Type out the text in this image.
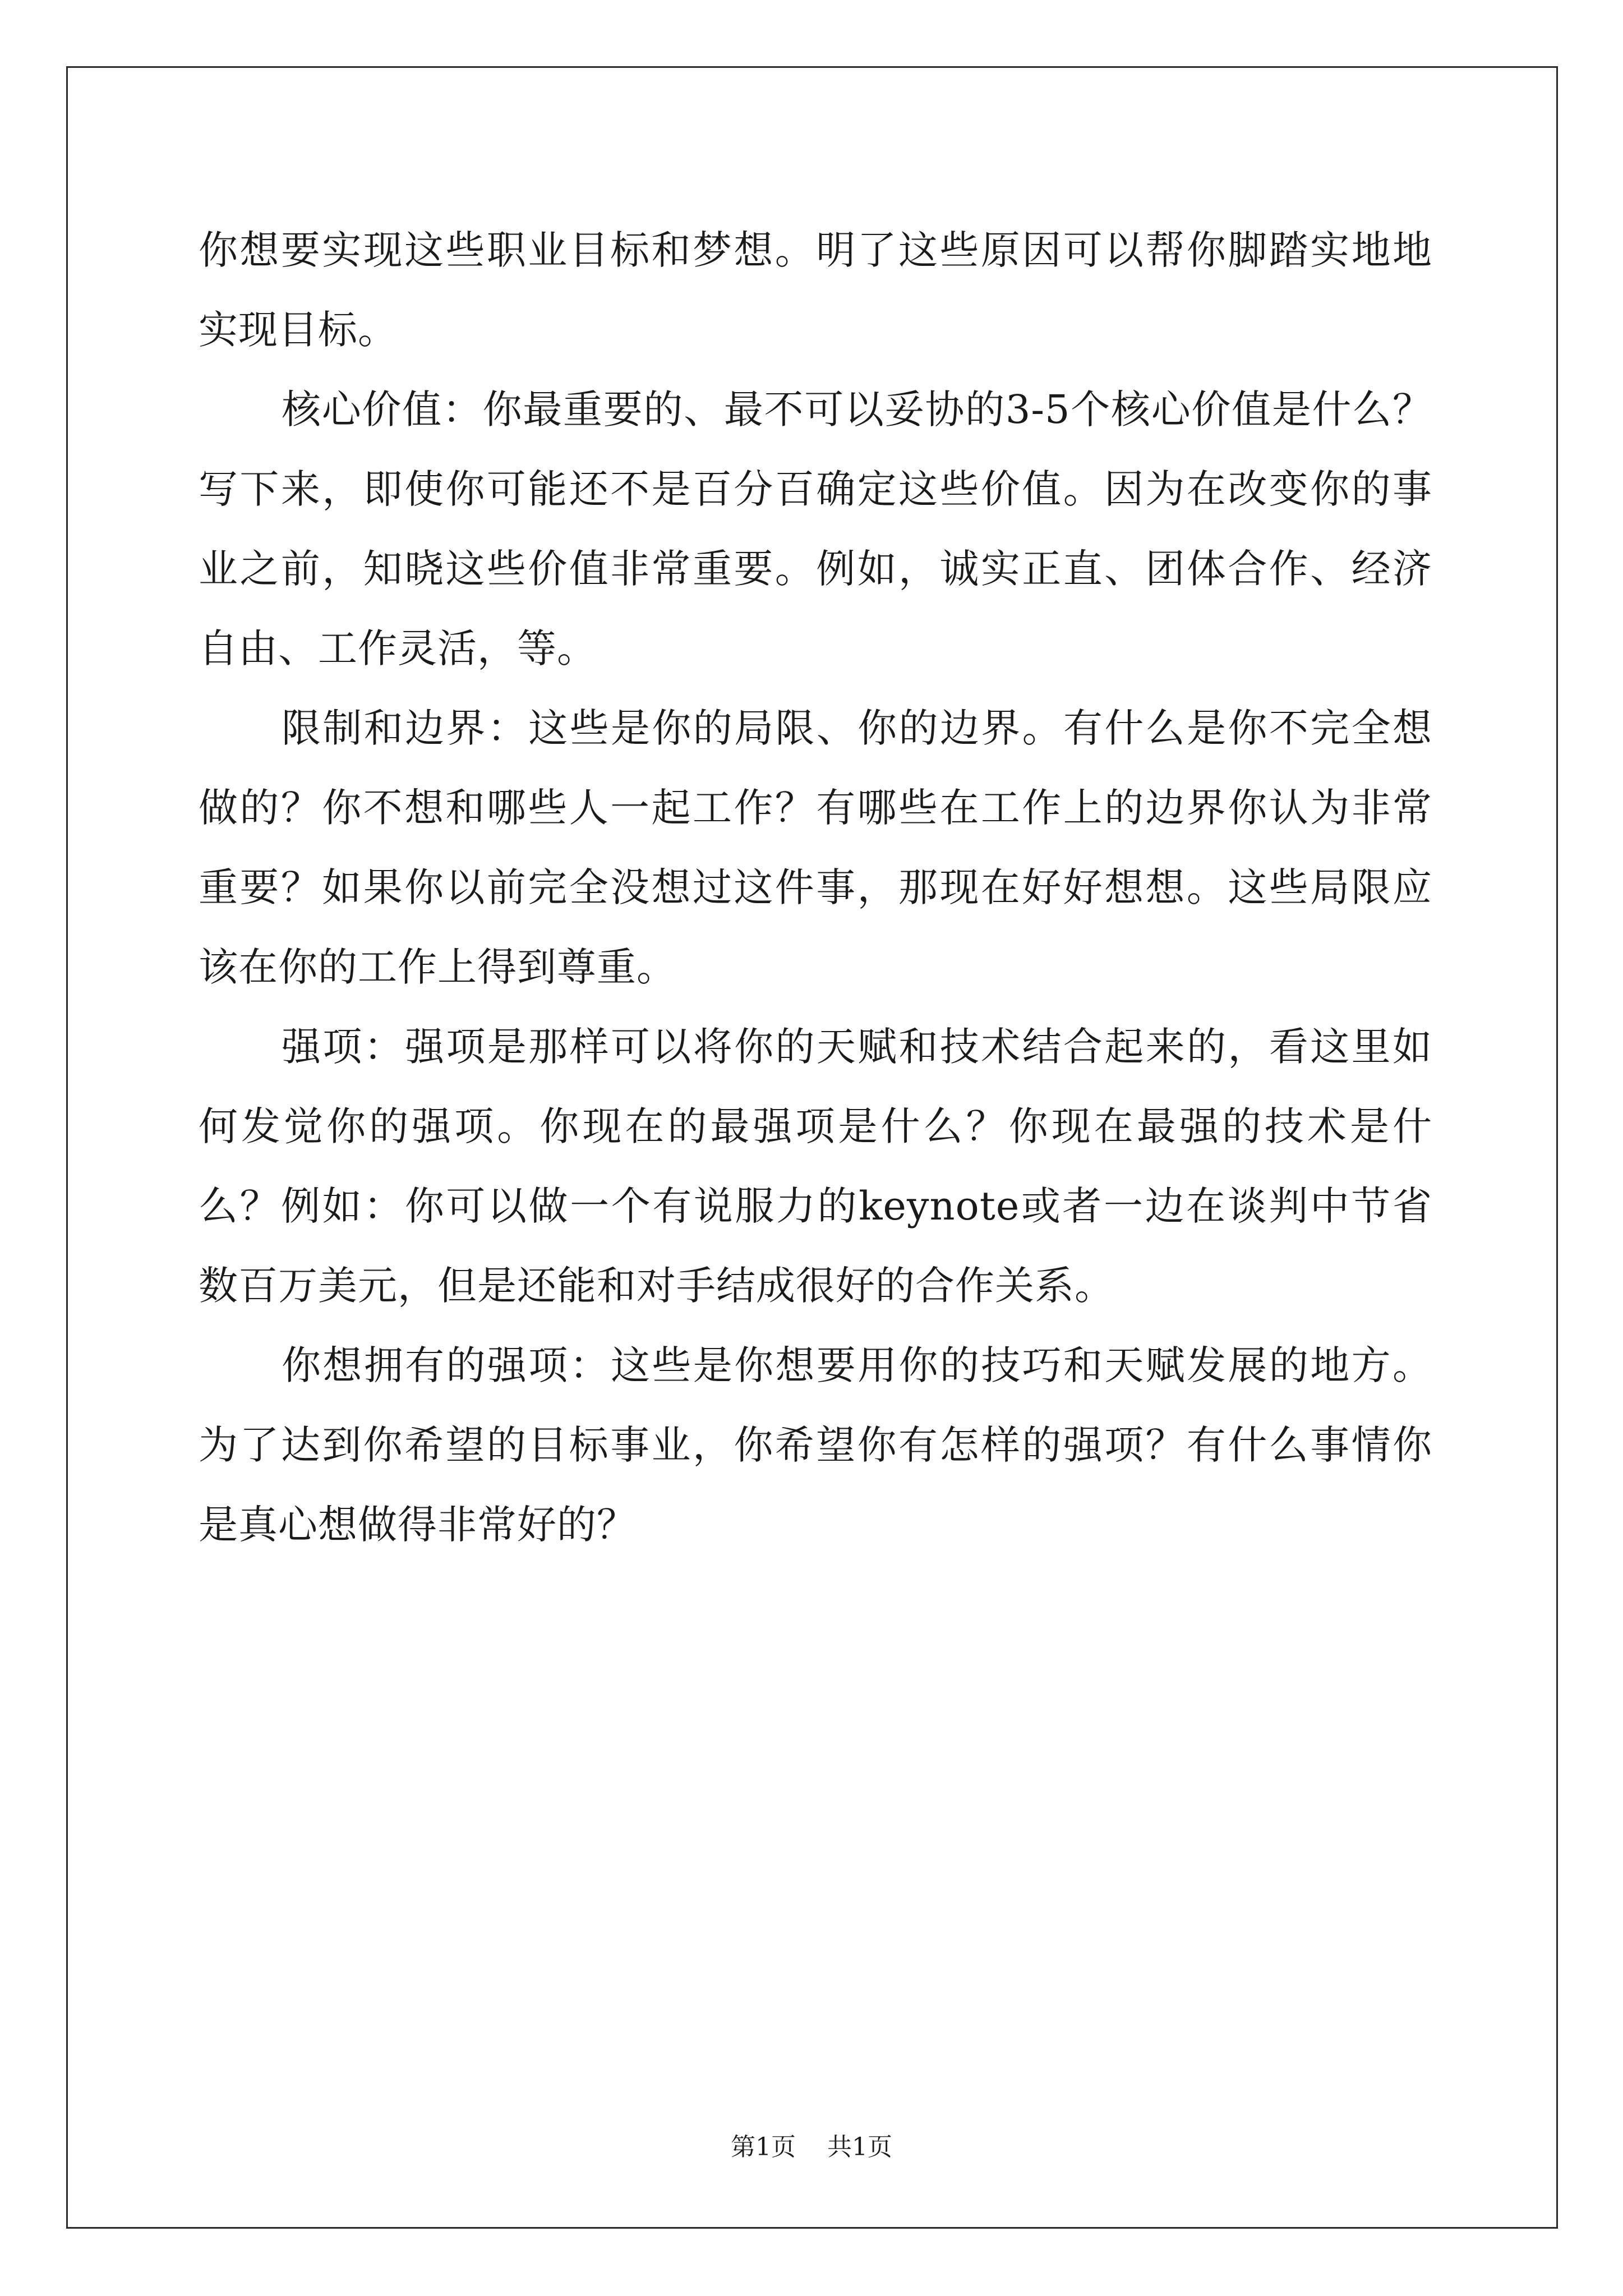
你想要实现这些职业目标和梦想。明了这些原因可以帮你脚踏实地地实现目标。

核心价值：你最重要的、最不可以妥协的3-5个核心价值是什么？写下来，即使你可能还不是百分百确定这些价值。因为在改变你的事业之前，知晓这些价值非常重要。例如，诚实正直、团体合作、经济自由、工作灵活，等。

限制和边界：这些是你的局限、你的边界。有什么是你不完全想做的？你不想和哪些人一起工作？有哪些在工作上的边界你认为非常重要？如果你以前完全没想过这件事，那现在好好想想。这些局限应该在你的工作上得到尊重。

强项：强项是那样可以将你的天赋和技术结合起来的，看这里如何发觉你的强项。你现在的最强项是什么？你现在最强的技术是什么？例如：你可以做一个有说服力的keynote或者一边在谈判中节省数百万美元，但是还能和对手结成很好的合作关系。

你想拥有的强项：这些是你想要用你的技巧和天赋发展的地方。为了达到你希望的目标事业，你希望你有怎样的强项？有什么事情你是真心想做得非常好的？

第1页 共1页
